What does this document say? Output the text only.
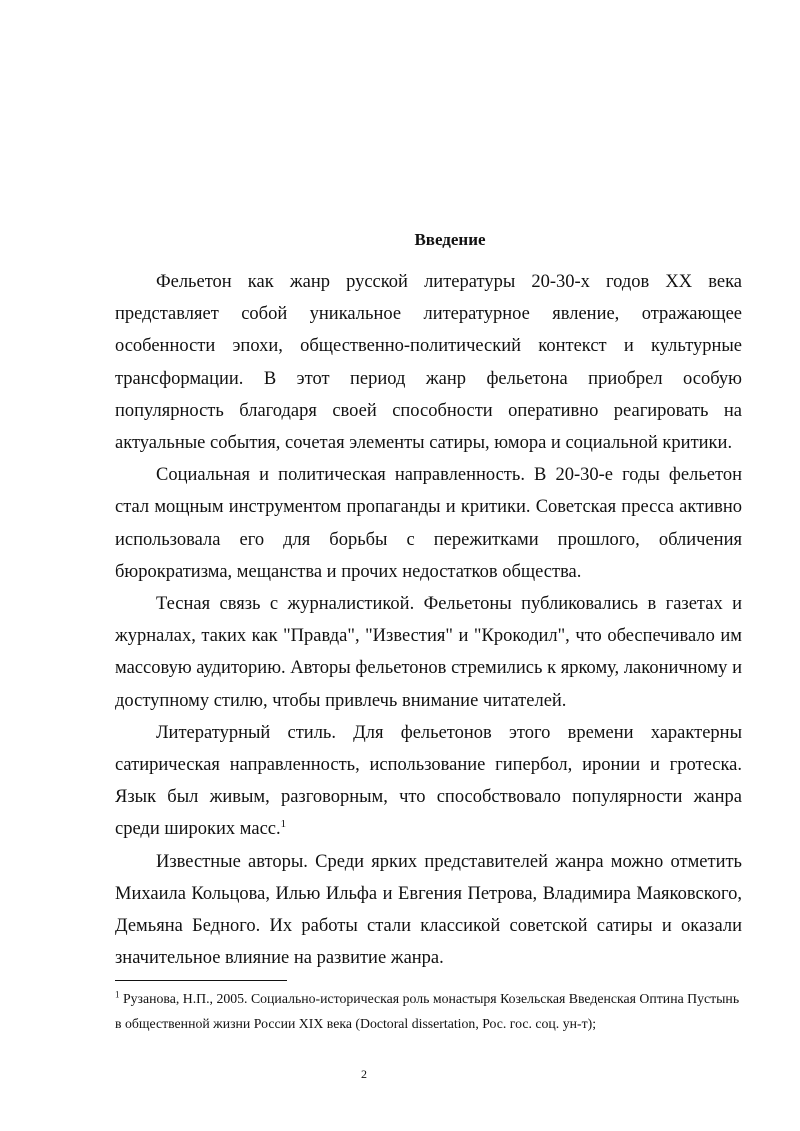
Введение

Фельетон как жанр русской литературы 20-30-х годов XX века представляет собой уникальное литературное явление, отражающее особенности эпохи, общественно-политический контекст и культурные трансформации. В этот период жанр фельетона приобрел особую популярность благодаря своей способности оперативно реагировать на актуальные события, сочетая элементы сатиры, юмора и социальной критики.

Социальная и политическая направленность. В 20-30-е годы фельетон стал мощным инструментом пропаганды и критики. Советская пресса активно использовала его для борьбы с пережитками прошлого, обличения бюрократизма, мещанства и прочих недостатков общества.

Тесная связь с журналистикой. Фельетоны публиковались в газетах и журналах, таких как "Правда", "Известия" и "Крокодил", что обеспечивало им массовую аудиторию. Авторы фельетонов стремились к яркому, лаконичному и доступному стилю, чтобы привлечь внимание читателей.

Литературный стиль. Для фельетонов этого времени характерны сатирическая направленность, использование гипербол, иронии и гротеска. Язык был живым, разговорным, что способствовало популярности жанра среди широких масс.$^1$

Известные авторы. Среди ярких представителей жанра можно отметить Михаила Кольцова, Илью Ильфа и Евгения Петрова, Владимира Маяковского, Демьяна Бедного. Их работы стали классикой советской сатиры и оказали значительное влияние на развитие жанра.

$^1$ Рузанова, Н.П., 2005. Социально-историческая роль монастыря Козельская Введенская Оптина Пустынь в общественной жизни России XIX века (Doctoral dissertation, Рос. гос. соц. ун-т);

2
